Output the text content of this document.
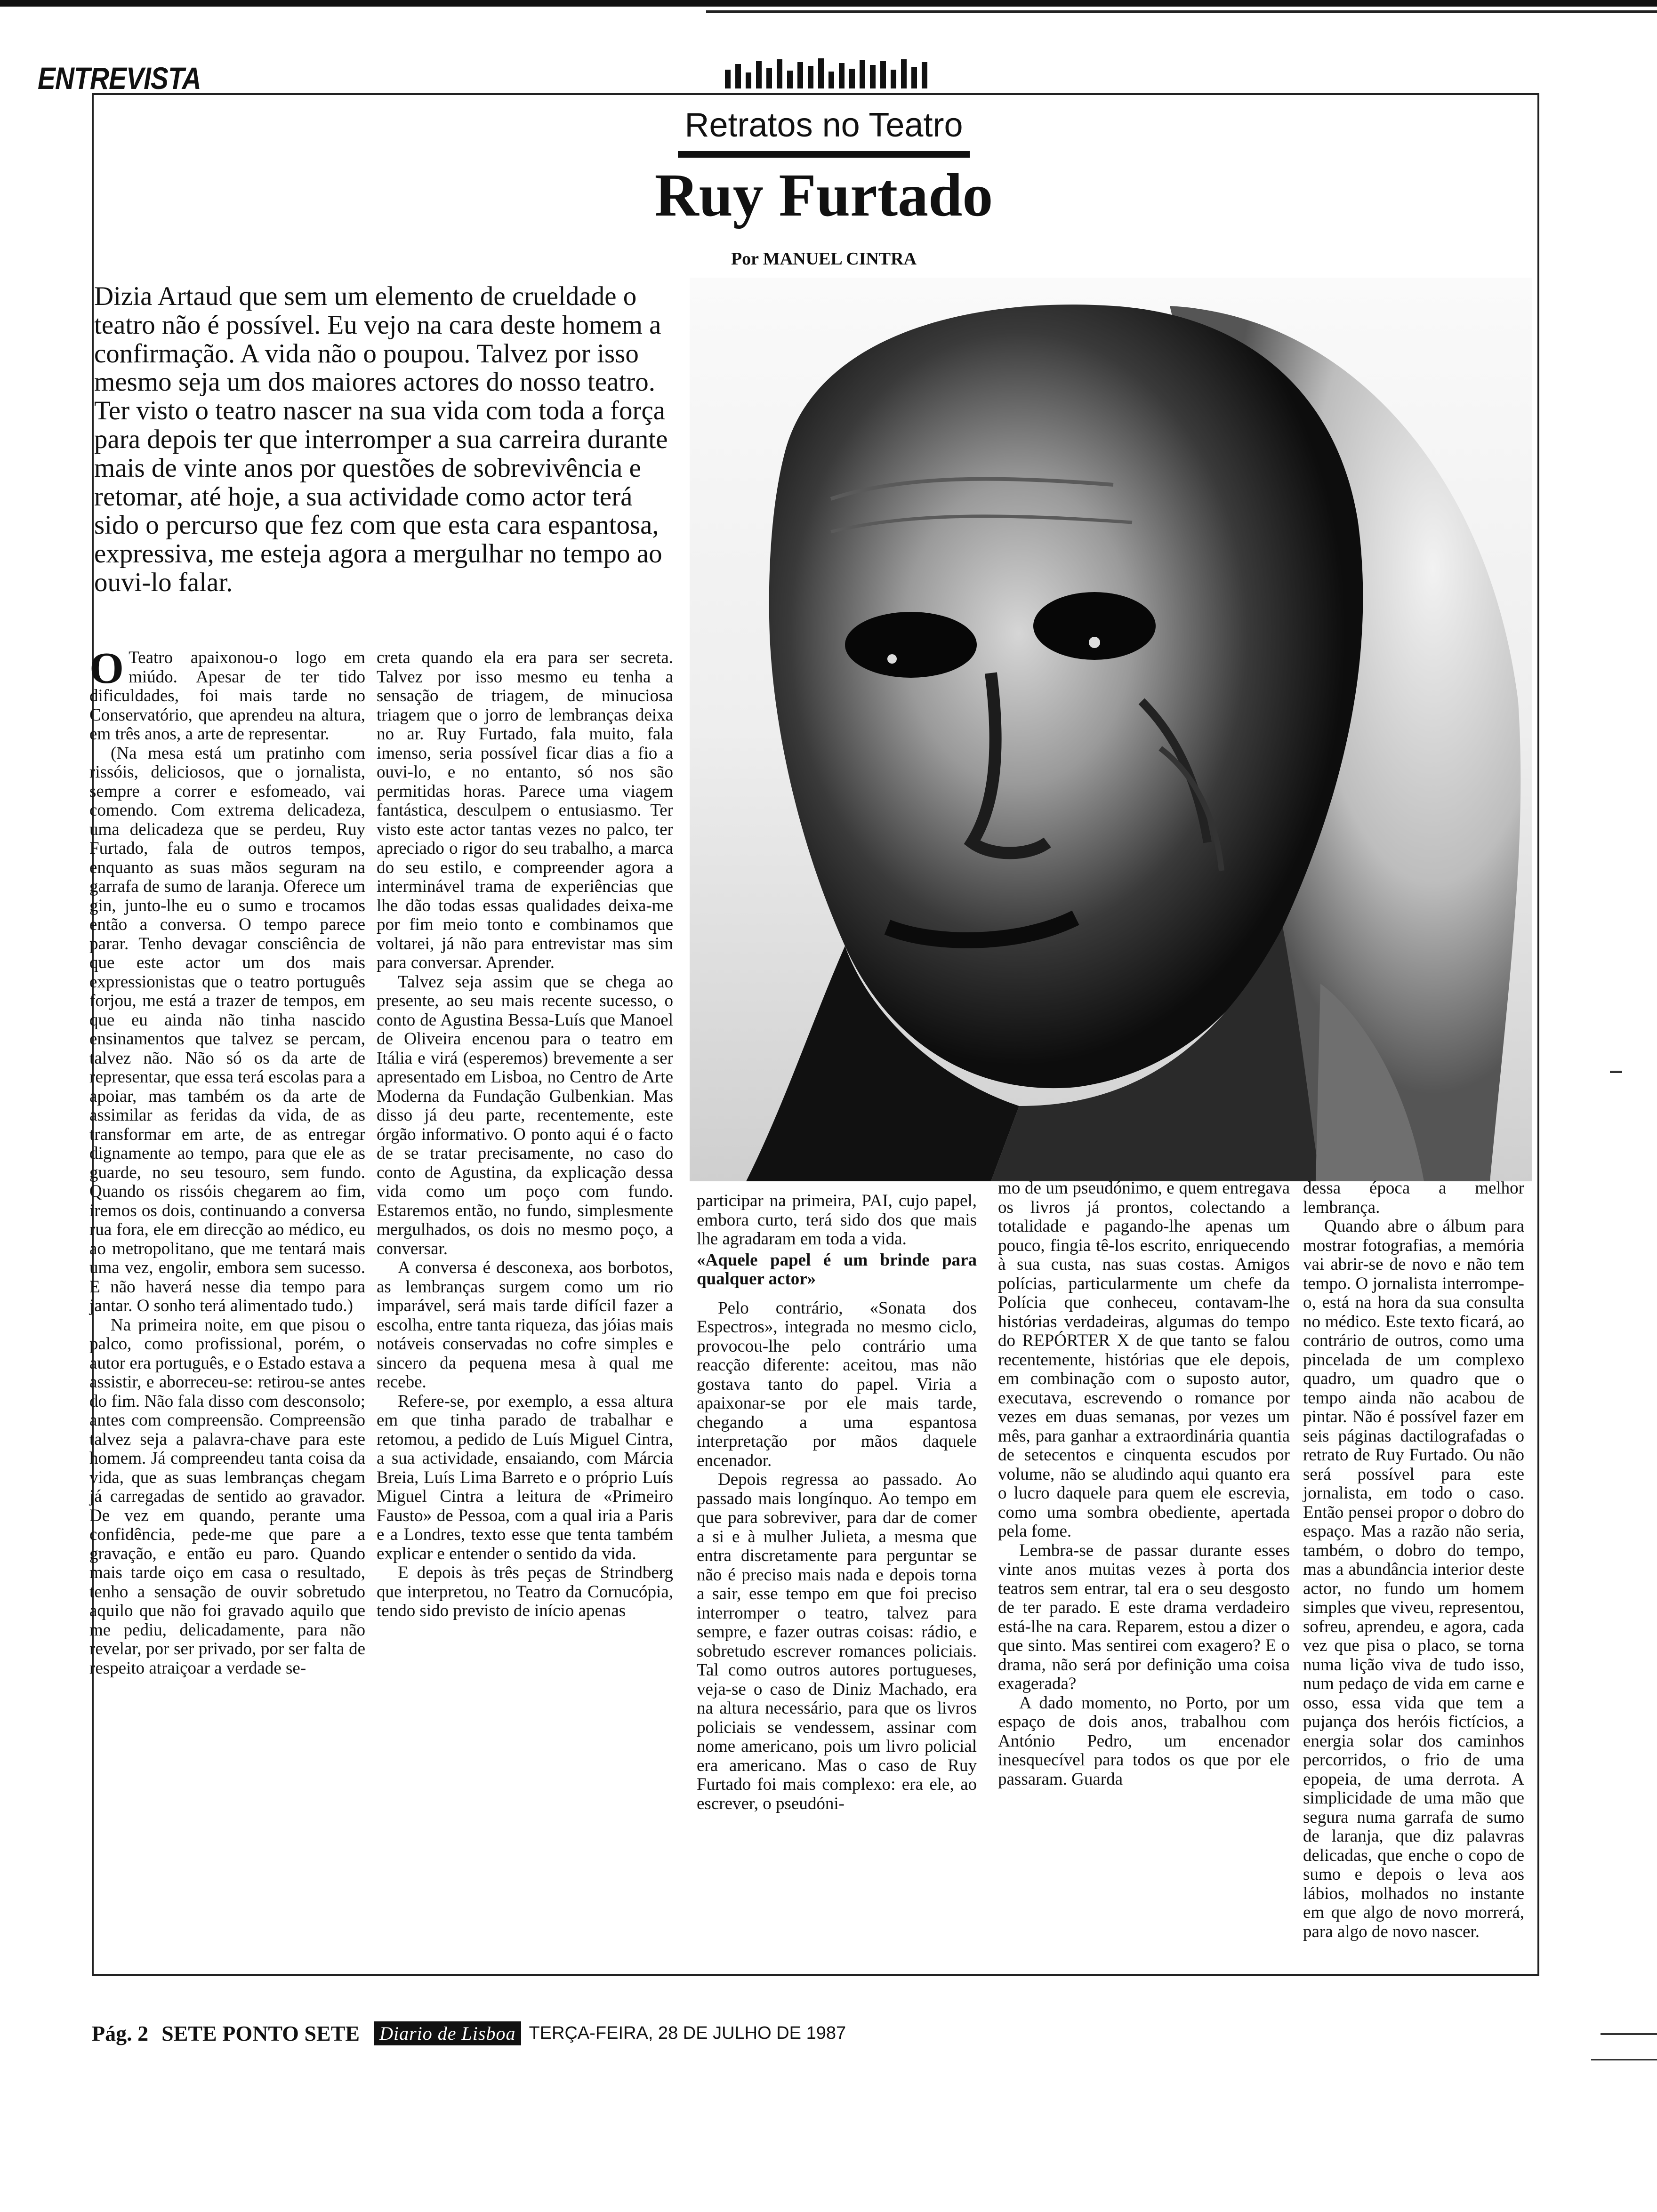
ENTREVISTA
Retratos no Teatro
Ruy Furtado
Por MANUEL CINTRA
Dizia Artaud que sem um elemento de crueldade o teatro não é possível. Eu vejo na cara deste homem a confirmação. A vida não o poupou. Talvez por isso mesmo seja um dos maiores actores do nosso teatro. Ter visto o teatro nascer na sua vida com toda a força para depois ter que interromper a sua carreira durante mais de vinte anos por questões de sobrevivência e retomar, até hoje, a sua actividade como actor terá sido o percurso que fez com que esta cara espantosa, expressiva, me esteja agora a mergulhar no tempo ao ouvi-lo falar.

O Teatro apaixonou-o logo em miúdo. Apesar de ter tido dificuldades, foi mais tarde no Conservatório, que aprendeu na altura, em três anos, a arte de representar.

(Na mesa está um pratinho com rissóis, deliciosos, que o jornalista, sempre a correr e esfomeado, vai comendo. Com extrema delicadeza, uma delicadeza que se perdeu, Ruy Furtado, fala de outros tempos, enquanto as suas mãos seguram na garrafa de sumo de laranja. Oferece um gin, junto-lhe eu o sumo e trocamos então a conversa. O tempo parece parar. Tenho devagar consciência de que este actor um dos mais expressionistas que o teatro português forjou, me está a trazer de tempos, em que eu ainda não tinha nascido ensinamentos que talvez se percam, talvez não. Não só os da arte de representar, que essa terá escolas para a apoiar, mas também os da arte de assimilar as feridas da vida, de as transformar em arte, de as entregar dignamente ao tempo, para que ele as guarde, no seu tesouro, sem fundo. Quando os rissóis chegarem ao fim, iremos os dois, continuando a conversa rua fora, ele em direcção ao médico, eu ao metropolitano, que me tentará mais uma vez, engolir, embora sem sucesso. E não haverá nesse dia tempo para jantar. O sonho terá alimentado tudo.)

Na primeira noite, em que pisou o palco, como profissional, porém, o autor era português, e o Estado estava a assistir, e aborreceu-se: retirou-se antes do fim. Não fala disso com desconsolo; antes com compreensão. Compreensão talvez seja a palavra-chave para este homem. Já compreendeu tanta coisa da vida, que as suas lembranças chegam já carregadas de sentido ao gravador. De vez em quando, perante uma confidência, pede-me que pare a gravação, e então eu paro. Quando mais tarde oiço em casa o resultado, tenho a sensação de ouvir sobretudo aquilo que não foi gravado aquilo que me pediu, delicadamente, para não revelar, por ser privado, por ser falta de respeito atraiçoar a verdade se-

creta quando ela era para ser secreta. Talvez por isso mesmo eu tenha a sensação de triagem, de minuciosa triagem que o jorro de lembranças deixa no ar. Ruy Furtado, fala muito, fala imenso, seria possível ficar dias a fio a ouvi-lo, e no entanto, só nos são permitidas horas. Parece uma viagem fantástica, desculpem o entusiasmo. Ter visto este actor tantas vezes no palco, ter apreciado o rigor do seu trabalho, a marca do seu estilo, e compreender agora a interminável trama de experiências que lhe dão todas essas qualidades deixa-me por fim meio tonto e combinamos que voltarei, já não para entrevistar mas sim para conversar. Aprender.

Talvez seja assim que se chega ao presente, ao seu mais recente sucesso, o conto de Agustina Bessa-Luís que Manoel de Oliveira encenou para o teatro em Itália e virá (esperemos) brevemente a ser apresentado em Lisboa, no Centro de Arte Moderna da Fundação Gulbenkian. Mas disso já deu parte, recentemente, este órgão informativo. O ponto aqui é o facto de se tratar precisamente, no caso do conto de Agustina, da explicação dessa vida como um poço com fundo. Estaremos então, no fundo, simplesmente mergulhados, os dois no mesmo poço, a conversar.

A conversa é desconexa, aos borbotos, as lembranças surgem como um rio imparável, será mais tarde difícil fazer a escolha, entre tanta riqueza, das jóias mais notáveis conservadas no cofre simples e sincero da pequena mesa à qual me recebe.

Refere-se, por exemplo, a essa altura em que tinha parado de trabalhar e retomou, a pedido de Luís Miguel Cintra, a sua actividade, ensaiando, com Márcia Breia, Luís Lima Barreto e o próprio Luís Miguel Cintra a leitura de «Primeiro Fausto» de Pessoa, com a qual iria a Paris e a Londres, texto esse que tenta também explicar e entender o sentido da vida.

E depois às três peças de Strindberg que interpretou, no Teatro da Cornucópia, tendo sido previsto de início apenas

participar na primeira, PAI, cujo papel, embora curto, terá sido dos que mais lhe agradaram em toda a vida.

«Aquele papel é um brinde para qualquer actor»

Pelo contrário, «Sonata dos Espectros», integrada no mesmo ciclo, provocou-lhe pelo contrário uma reacção diferente: aceitou, mas não gostava tanto do papel. Viria a apaixonar-se por ele mais tarde, chegando a uma espantosa interpretação por mãos daquele encenador.

Depois regressa ao passado. Ao passado mais longínquo. Ao tempo em que para sobreviver, para dar de comer a si e à mulher Julieta, a mesma que entra discretamente para perguntar se não é preciso mais nada e depois torna a sair, esse tempo em que foi preciso interromper o teatro, talvez para sempre, e fazer outras coisas: rádio, e sobretudo escrever romances policiais. Tal como outros autores portugueses, veja-se o caso de Diniz Machado, era na altura necessário, para que os livros policiais se vendessem, assinar com nome americano, pois um livro policial era americano. Mas o caso de Ruy Furtado foi mais complexo: era ele, ao escrever, o pseudóni-

mo de um pseudónimo, e quem entregava os livros já prontos, colectando a totalidade e pagando-lhe apenas um pouco, fingia tê-los escrito, enriquecendo à sua custa, nas suas costas. Amigos polícias, particularmente um chefe da Polícia que conheceu, contavam-lhe histórias verdadeiras, algumas do tempo do REPÓRTER X de que tanto se falou recentemente, histórias que ele depois, em combinação com o suposto autor, executava, escrevendo o romance por vezes em duas semanas, por vezes um mês, para ganhar a extraordinária quantia de setecentos e cinquenta escudos por volume, não se aludindo aqui quanto era o lucro daquele para quem ele escrevia, como uma sombra obediente, apertada pela fome.

Lembra-se de passar durante esses vinte anos muitas vezes à porta dos teatros sem entrar, tal era o seu desgosto de ter parado. E este drama verdadeiro está-lhe na cara. Reparem, estou a dizer o que sinto. Mas sentirei com exagero? E o drama, não será por definição uma coisa exagerada?

A dado momento, no Porto, por um espaço de dois anos, trabalhou com António Pedro, um encenador inesquecível para todos os que por ele passaram. Guarda

dessa época a melhor lembrança.

Quando abre o álbum para mostrar fotografias, a memória vai abrir-se de novo e não tem tempo. O jornalista interrompe-o, está na hora da sua consulta no médico. Este texto ficará, ao contrário de outros, como uma pincelada de um complexo quadro, um quadro que o tempo ainda não acabou de pintar. Não é possível fazer em seis páginas dactilografadas o retrato de Ruy Furtado. Ou não será possível para este jornalista, em todo o caso. Então pensei propor o dobro do espaço. Mas a razão não seria, também, o dobro do tempo, mas a abundância interior deste actor, no fundo um homem simples que viveu, representou, sofreu, aprendeu, e agora, cada vez que pisa o placo, se torna numa lição viva de tudo isso, num pedaço de vida em carne e osso, essa vida que tem a pujança dos heróis fictícios, a energia solar dos caminhos percorridos, o frio de uma epopeia, de uma derrota. A simplicidade de uma mão que segura numa garrafa de sumo de laranja, que diz palavras delicadas, que enche o copo de sumo e depois o leva aos lábios, molhados no instante em que algo de novo morrerá, para algo de novo nascer.

Pág. 2 SETE PONTO SETE	Diario de Lisboa TERÇA-FEIRA, 28 DE JULHO DE 1987
